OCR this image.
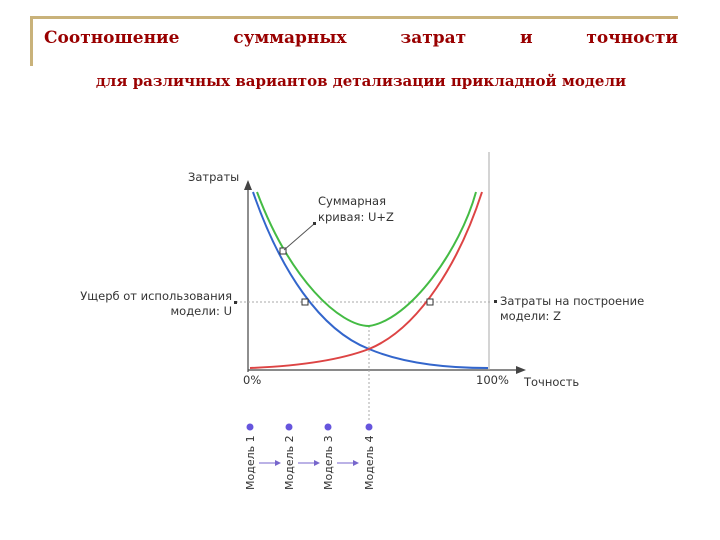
Соотношение суммарных затрат и точности
для различных вариантов детализации прикладной модели
Затраты
Точность
0%	100%
Суммарная
кривая: U+Z
Ущерб от использования
модели: U
Затраты на построение
модели: Z
Модель 1 Модель 2 Модель 3	Модель 4
